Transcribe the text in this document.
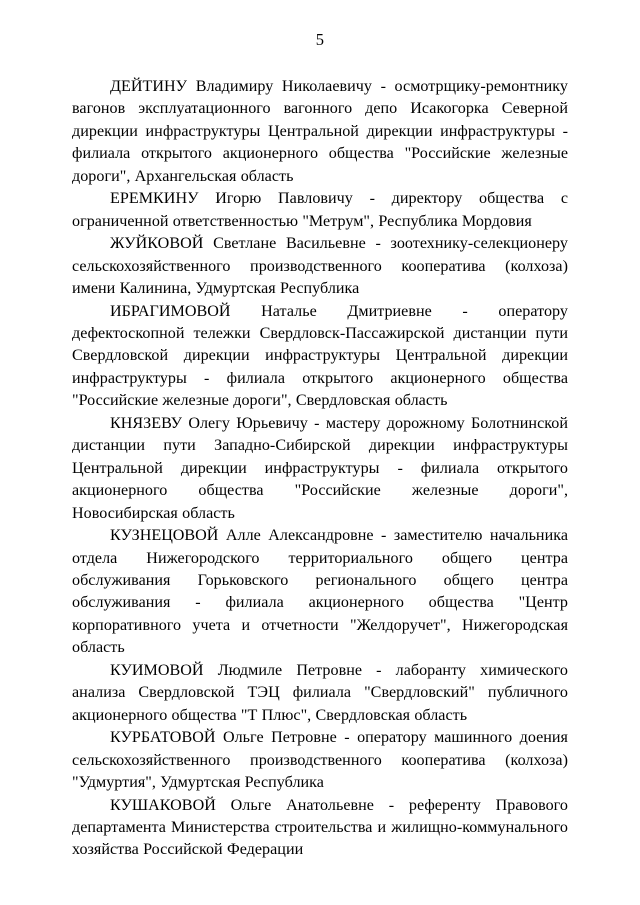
5

ДЕЙТИНУ Владимиру Николаевичу - осмотрщику-ремонтнику вагонов эксплуатационного вагонного депо Исакогорка Северной дирекции инфраструктуры Центральной дирекции инфраструктуры - филиала открытого акционерного общества "Российские железные дороги", Архангельская область

ЕРЕМКИНУ Игорю Павловичу - директору общества с ограниченной ответственностью "Метрум", Республика Мордовия

ЖУЙКОВОЙ Светлане Васильевне - зоотехнику-селекционеру сельскохозяйственного производственного кооператива (колхоза) имени Калинина, Удмуртская Республика

ИБРАГИМОВОЙ Наталье Дмитриевне - оператору дефектоскопной тележки Свердловск-Пассажирской дистанции пути Свердловской дирекции инфраструктуры Центральной дирекции инфраструктуры - филиала открытого акционерного общества "Российские железные дороги", Свердловская область

КНЯЗЕВУ Олегу Юрьевичу - мастеру дорожному Болотнинской дистанции пути Западно-Сибирской дирекции инфраструктуры Центральной дирекции инфраструктуры - филиала открытого акционерного общества "Российские железные дороги", Новосибирская область

КУЗНЕЦОВОЙ Алле Александровне - заместителю начальника отдела Нижегородского территориального общего центра обслуживания Горьковского регионального общего центра обслуживания - филиала акционерного общества "Центр корпоративного учета и отчетности "Желдоручет", Нижегородская область

КУИМОВОЙ Людмиле Петровне - лаборанту химического анализа Свердловской ТЭЦ филиала "Свердловский" публичного акционерного общества "Т Плюс", Свердловская область

КУРБАТОВОЙ Ольге Петровне - оператору машинного доения сельскохозяйственного производственного кооператива (колхоза) "Удмуртия", Удмуртская Республика

КУШАКОВОЙ Ольге Анатольевне - референту Правового департамента Министерства строительства и жилищно-коммунального хозяйства Российской Федерации
